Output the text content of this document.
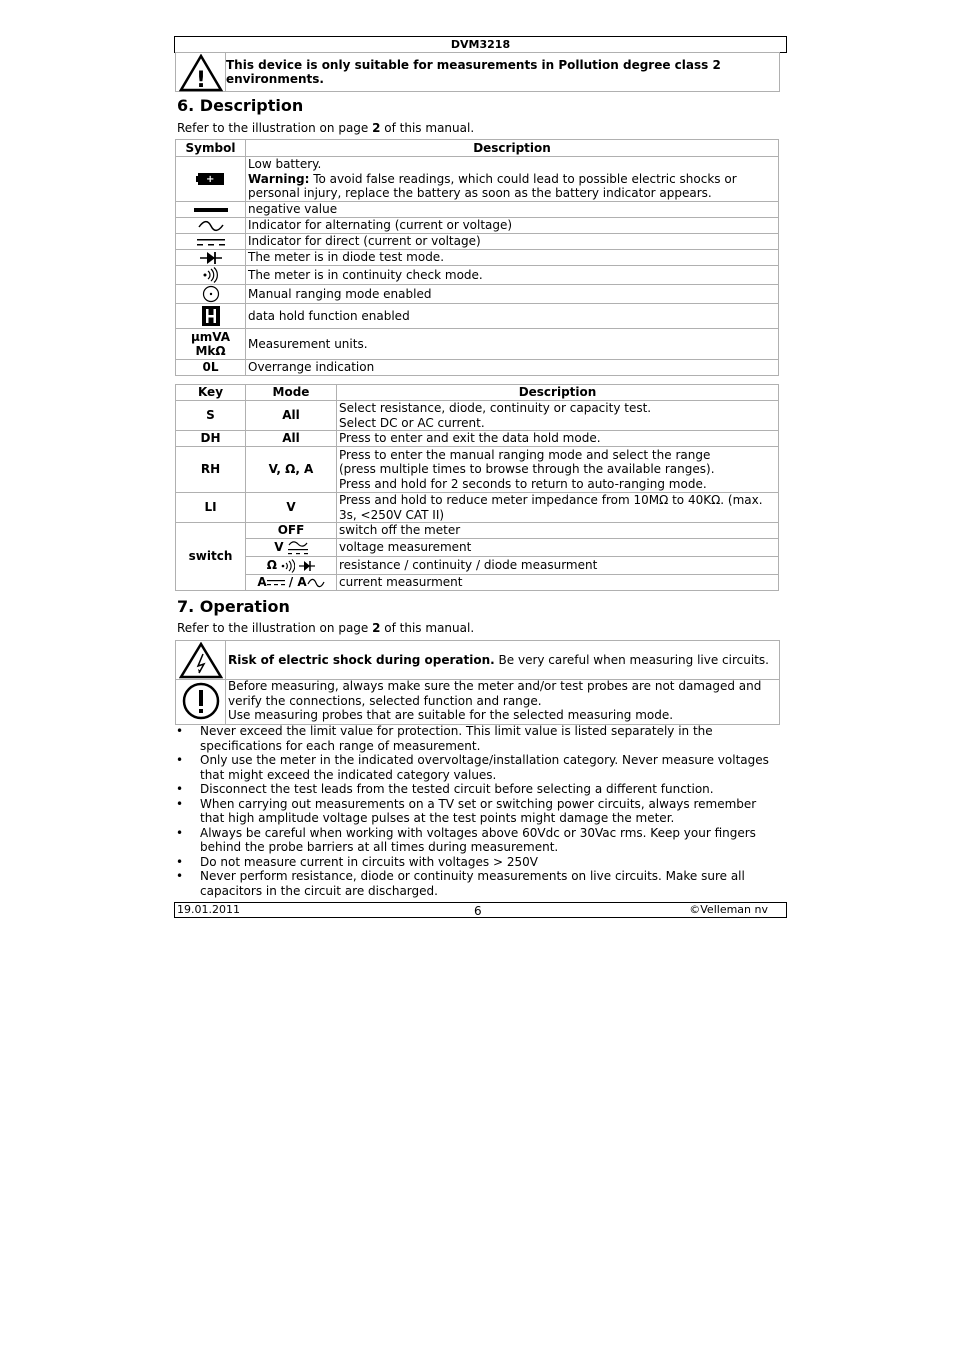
DVM3218
!
This device is only suitable for measurements in Pollution degree class 2 environments.
6. Description
Refer to the illustration on page 2 of this manual.
Symbol	Description

+	Low battery.
Warning: To avoid false readings, which could lead to possible electric shocks or personal injury, replace the battery as soon as the battery indicator appears.

	negative value

	Indicator for alternating (current or voltage)

	Indicator for direct (current or voltage)

	The meter is in diode test mode.

	The meter is in continuity check mode.

	Manual ranging mode enabled

	data hold function enabled

µmVA
MkΩ	Measurement units.
0L	Overrange indication
Key	Mode	Description
S	All	Select resistance, diode, continuity or capacity test.
Select DC or AC current.

DH	All	Press to enter and exit the data hold mode.
RH	V, Ω, A	Press to enter the manual ranging mode and select the range
(press multiple times to browse through the available ranges).
Press and hold for 2 seconds to return to auto-ranging mode.

LI	V	Press and hold to reduce meter impedance from 10MΩ to 40KΩ. (max. 3s, <250V CAT II)
switch	OFF	switch off the meter
	V	voltage measurement
	Ω	resistance / continuity / diode measurment
	A / A	current measurment
7. Operation
Refer to the illustration on page 2 of this manual.
Risk of electric shock during operation. Be very careful when measuring live circuits.
Before measuring, always make sure the meter and/or test probes are not damaged and verify the connections, selected function and range.
Use measuring probes that are suitable for the selected measuring mode.
• Never exceed the limit value for protection. This limit value is listed separately in the specifications for each range of measurement.
• Only use the meter in the indicated overvoltage/installation category. Never measure voltages that might exceed the indicated category values.
• Disconnect the test leads from the tested circuit before selecting a different function.
• When carrying out measurements on a TV set or switching power circuits, always remember that high amplitude voltage pulses at the test points might damage the meter.
• Always be careful when working with voltages above 60Vdc or 30Vac rms. Keep your fingers behind the probe barriers at all times during measurement.
• Do not measure current in circuits with voltages > 250V
• Never perform resistance, diode or continuity measurements on live circuits. Make sure all capacitors in the circuit are discharged.
19.01.2011	6	©Velleman nv
